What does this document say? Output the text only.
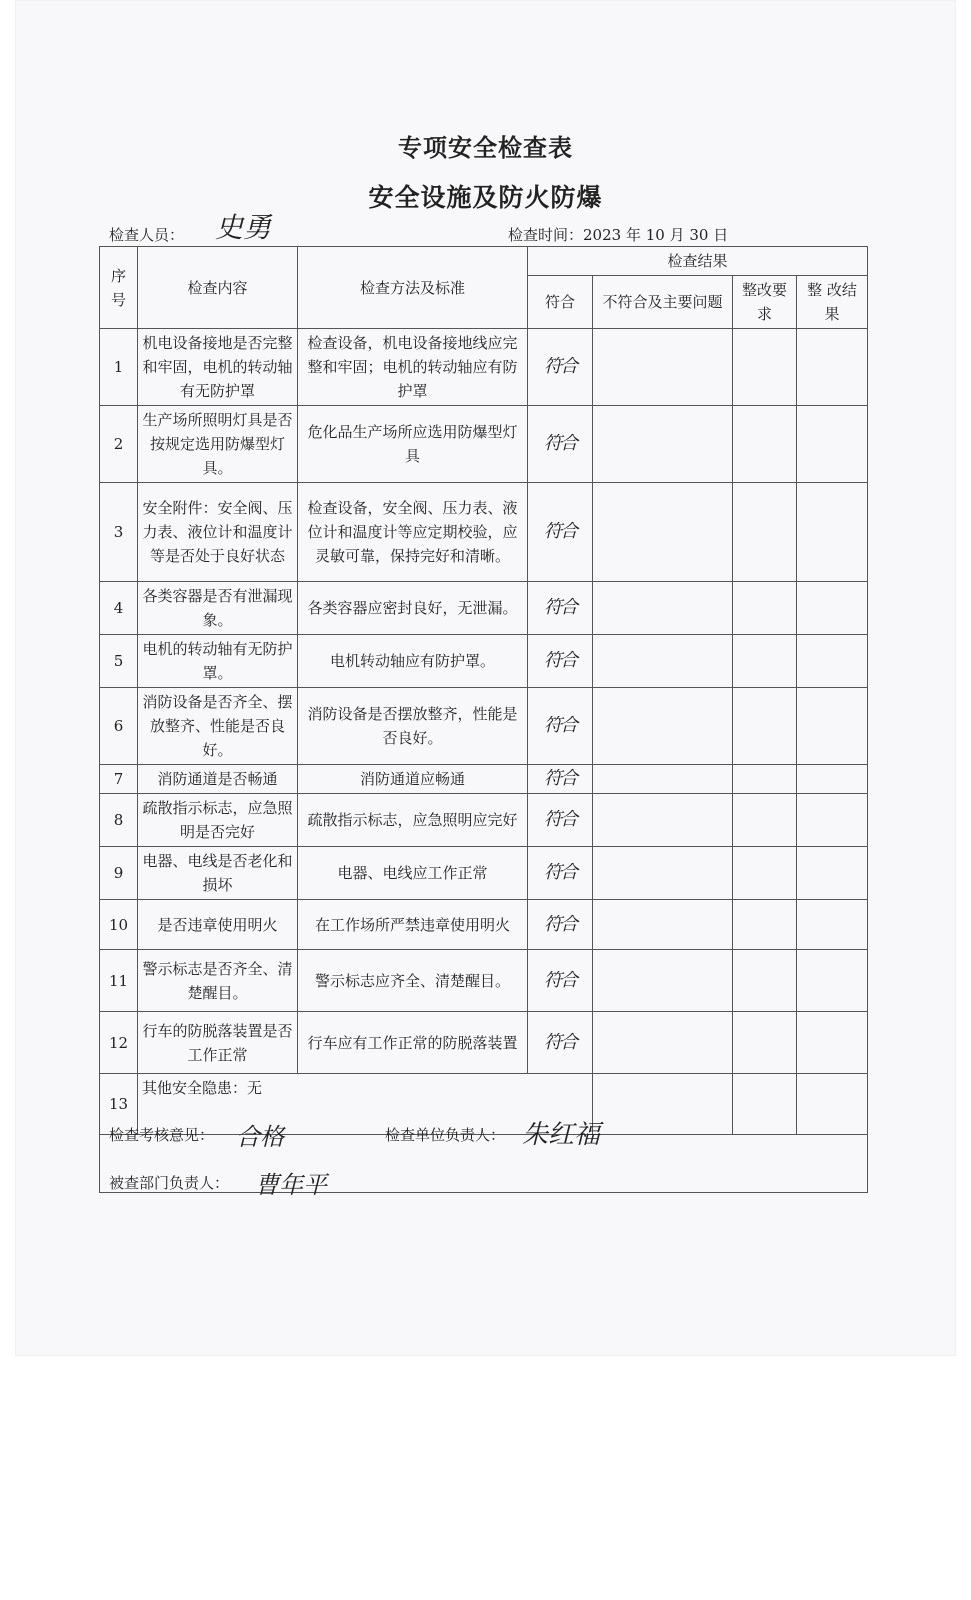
专项安全检查表
安全设施及防火防爆
检查人员： 史勇	检查时间：2023 年 10 月 30 日
序号	检查内容	检查方法及标准	检查结果			
			符合	不符合及主要问题	整改要求	整 改结果
1	机电设备接地是否完整和牢固，电机的转动轴有无防护罩	检查设备，机电设备接地线应完整和牢固；电机的转动轴应有防护罩	符合			
2	生产场所照明灯具是否按规定选用防爆型灯具。	危化品生产场所应选用防爆型灯具	符合			
3	安全附件：安全阀、压力表、液位计和温度计等是否处于良好状态	检查设备，安全阀、压力表、液位计和温度计等应定期校验，应灵敏可靠，保持完好和清晰。	符合			
4	各类容器是否有泄漏现象。	各类容器应密封良好，无泄漏。	符合			
5	电机的转动轴有无防护罩。	电机转动轴应有防护罩。	符合			
6	消防设备是否齐全、摆放整齐、性能是否良好。	消防设备是否摆放整齐，性能是否良好。	符合			
7	消防通道是否畅通	消防通道应畅通	符合			
8	疏散指示标志，应急照明是否完好	疏散指示标志，应急照明应完好	符合			
9	电器、电线是否老化和损坏	电器、电线应工作正常	符合			
10	是否违章使用明火	在工作场所严禁违章使用明火	符合			
11	警示标志是否齐全、清楚醒目。	警示标志应齐全、清楚醒目。	符合			
12	行车的防脱落装置是否工作正常	行车应有工作正常的防脱落装置	符合			
13	其他安全隐患：无					
检查考核意见： 合格	检查单位负责人： 朱红福
被查部门负责人： 曹年平
